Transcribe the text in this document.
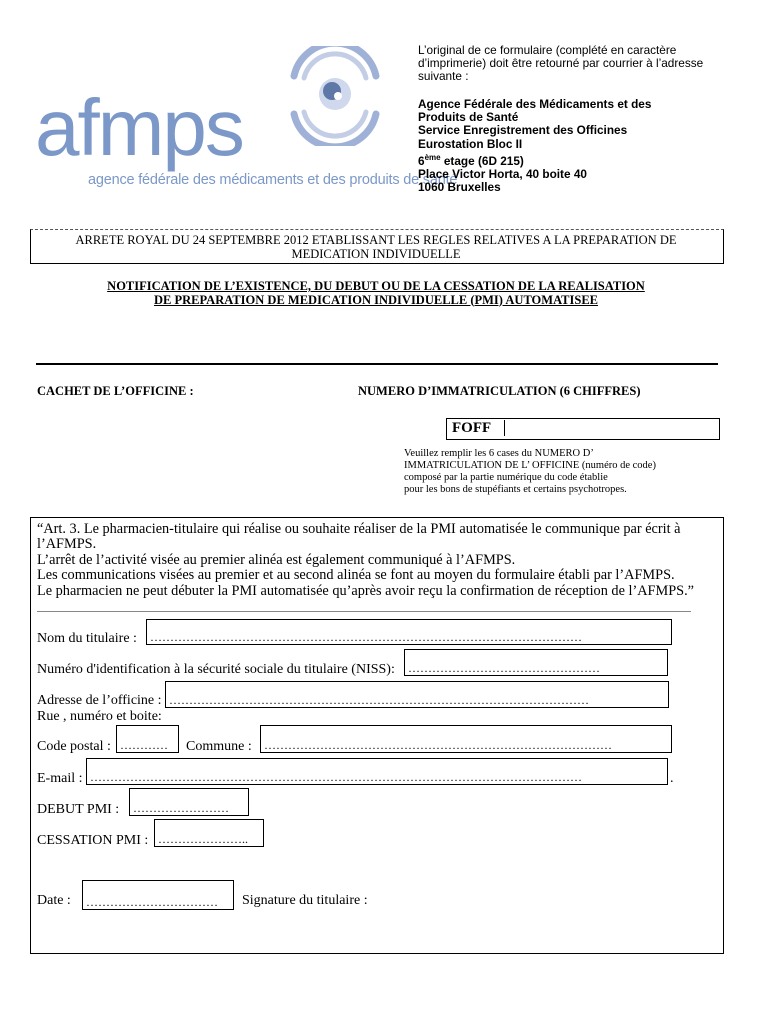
afmps
agence fédérale des médicaments et des produits de santé
L’original de ce formulaire (complété en caractère d’imprimerie) doit être retourné par courrier à l’adresse suivante :
Agence Fédérale des Médicaments et des
Produits de Santé
Service Enregistrement des Officines
Eurostation Bloc II
6ème etage (6D 215)
Place Victor Horta, 40 boite 40
1060 Bruxelles
ARRETE ROYAL DU 24 SEPTEMBRE 2012 ETABLISSANT LES REGLES RELATIVES A LA PREPARATION DE
MEDICATION INDIVIDUELLE
NOTIFICATION DE L’EXISTENCE, DU DEBUT OU DE LA CESSATION DE LA REALISATION
DE PREPARATION DE MEDICATION INDIVIDUELLE (PMI) AUTOMATISEE
CACHET DE L’OFFICINE :	NUMERO D’IMMATRICULATION (6 CHIFFRES)
FOFF
Veuillez remplir les 6 cases du NUMERO D’
IMMATRICULATION DE L’ OFFICINE (numéro de code)
composé par la partie numérique du code établie
pour les bons de stupéfiants et certains psychotropes.
“Art. 3. Le pharmacien-titulaire qui réalise ou souhaite réaliser de la PMI automatisée le communique par écrit à
l’AFMPS.
L’arrêt de l’activité visée au premier alinéa est également communiqué à l’AFMPS.
Les communications visées au premier et au second alinéa se font au moyen du formulaire établi par l’AFMPS.
Le pharmacien ne peut débuter la PMI automatisée qu’après avoir reçu la confirmation de réception de l’AFMPS.”
Nom du titulaire : ………………………………………………………………………………………………
Numéro d'identification à la sécurité sociale du titulaire (NISS): …………………………………………
Adresse de l’officine : ……………………………………………………………………………………………
Rue , numéro et boite:
Code postal : ………… Commune : ……………………………………………………………………………
E-mail : ……………………………………………………………………………………………………………	.
DEBUT PMI : ……………………
CESSATION PMI : …………………..
Date : …………………………… Signature du titulaire :
